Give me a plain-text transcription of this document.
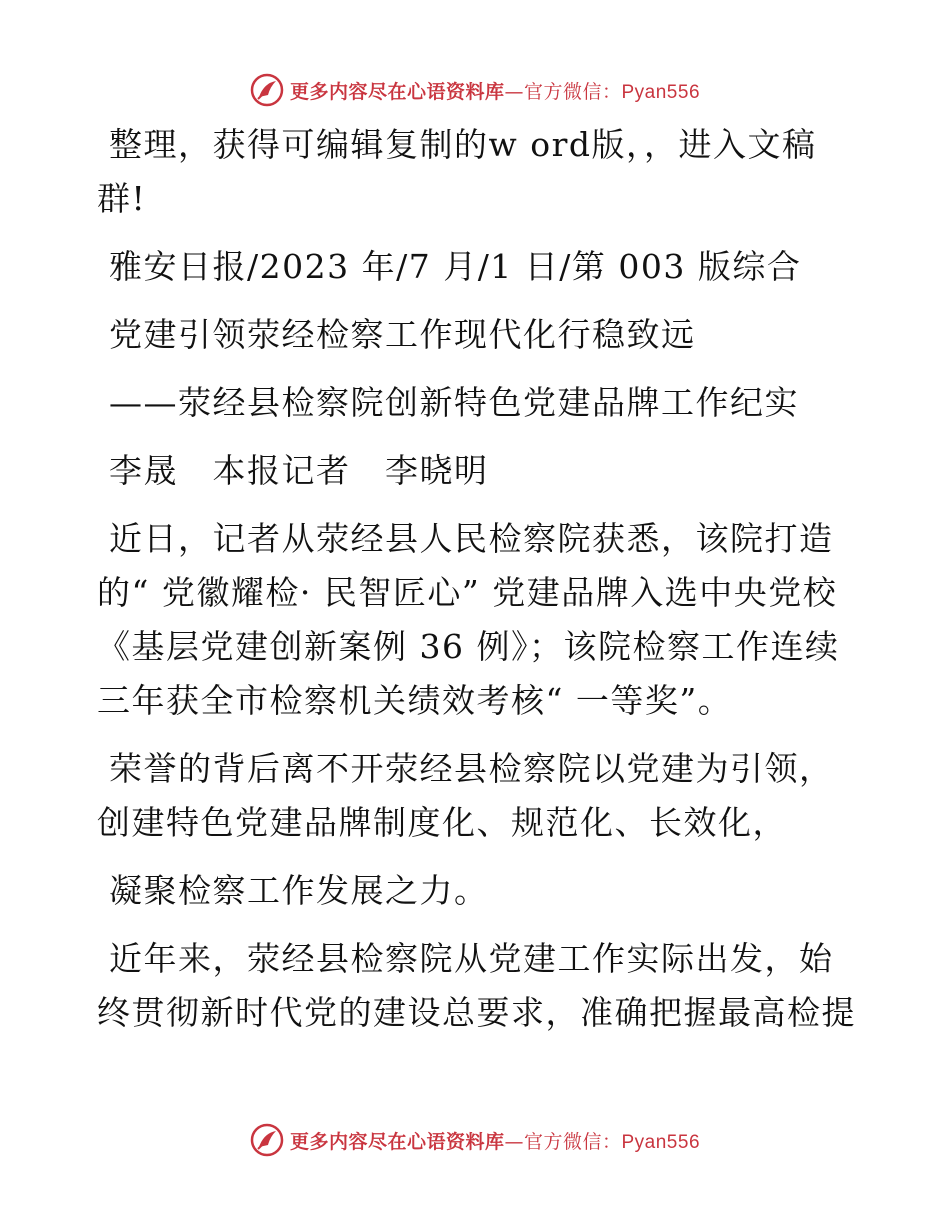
更多内容尽在心语资料库—官方微信：Pyan556

整理，获得可编辑复制的w ord版，，进入文稿群!

雅安日报/2023 年/7 月/1 日/第 003 版综合

党建引领荥经检察工作现代化行稳致远

——荥经县检察院创新特色党建品牌工作纪实

李晟　本报记者　李晓明

近日，记者从荥经县人民检察院获悉，该院打造的“ 党徽耀检· 民智匠心” 党建品牌入选中央党校《基层党建创新案例 36 例》；该院检察工作连续三年获全市检察机关绩效考核“ 一等奖”。

荣誉的背后离不开荥经县检察院以党建为引领，创建特色党建品牌制度化、规范化、长效化，

凝聚检察工作发展之力。

近年来，荥经县检察院从党建工作实际出发，始终贯彻新时代党的建设总要求，准确把握最高检提

更多内容尽在心语资料库—官方微信：Pyan556
